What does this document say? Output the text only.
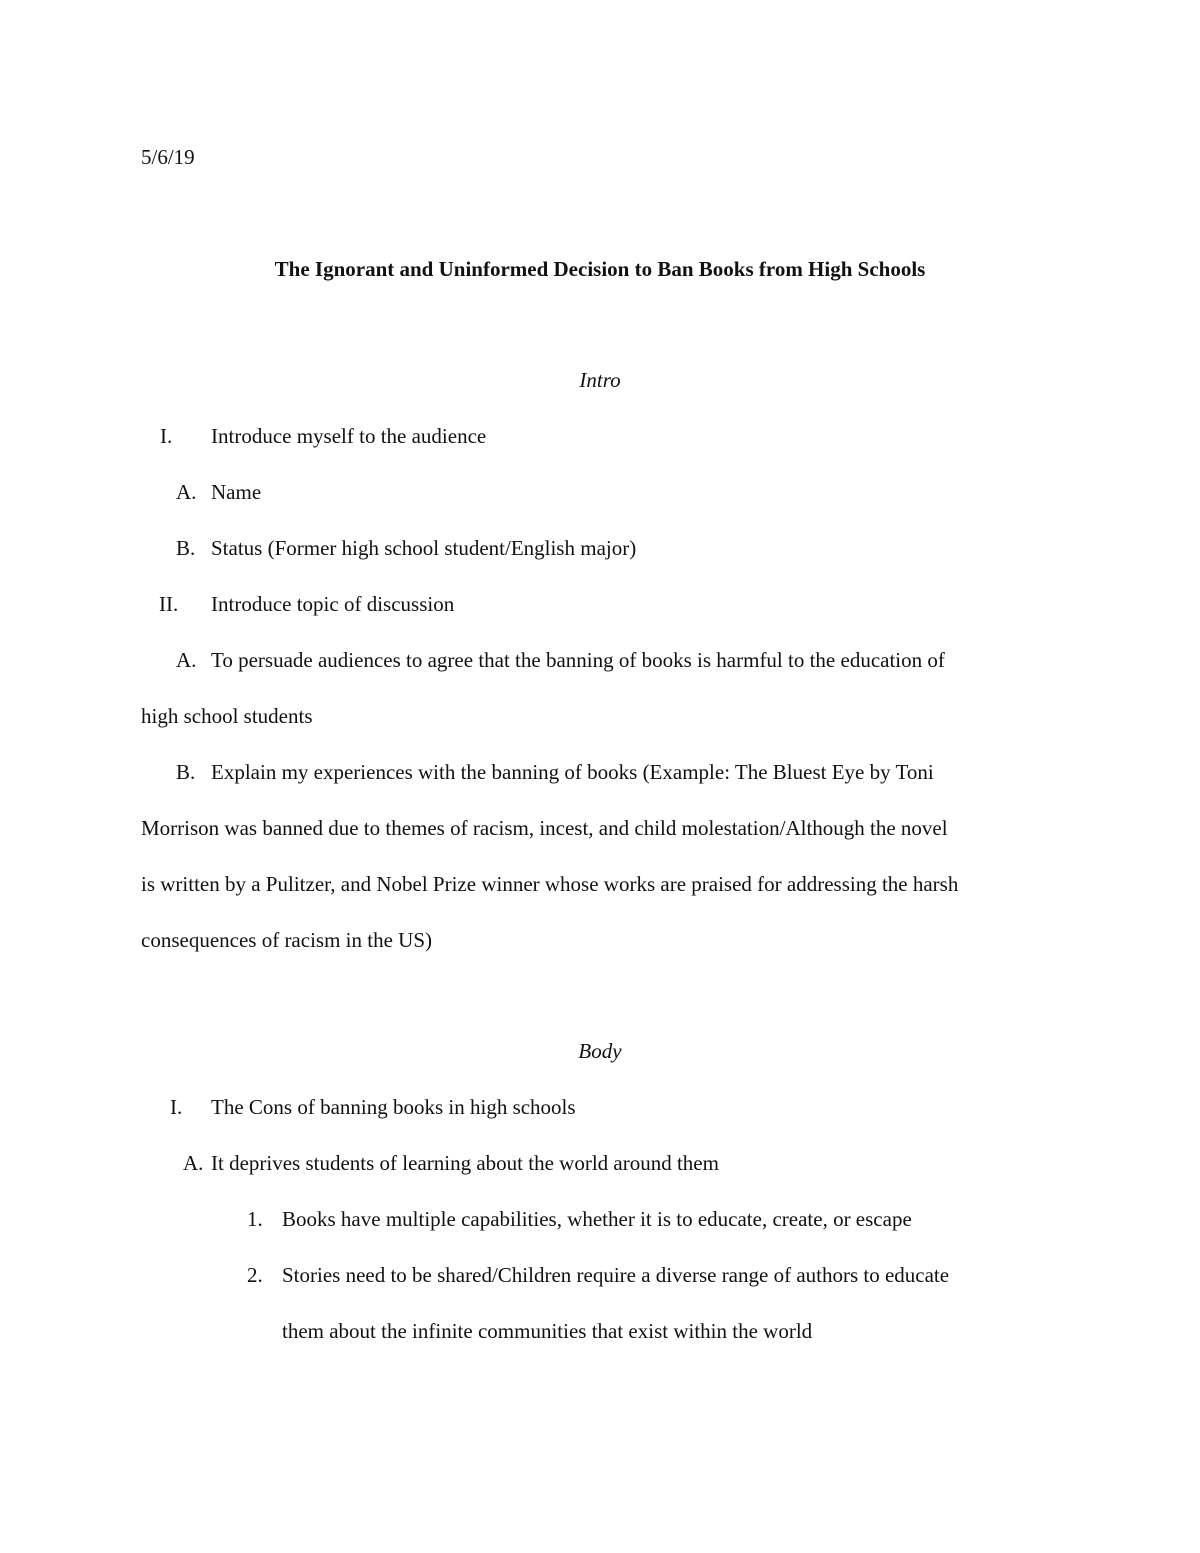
5/6/19
The Ignorant and Uninformed Decision to Ban Books from High Schools
Intro
I. Introduce myself to the audience
A. Name
B. Status (Former high school student/English major)
II. Introduce topic of discussion
A. To persuade audiences to agree that the banning of books is harmful to the education of
high school students
B. Explain my experiences with the banning of books (Example: The Bluest Eye by Toni
Morrison was banned due to themes of racism, incest, and child molestation/Although the novel
is written by a Pulitzer, and Nobel Prize winner whose works are praised for addressing the harsh
consequences of racism in the US)
Body
I. The Cons of banning books in high schools
A. It deprives students of learning about the world around them
1. Books have multiple capabilities, whether it is to educate, create, or escape
2. Stories need to be shared/Children require a diverse range of authors to educate
them about the infinite communities that exist within the world
